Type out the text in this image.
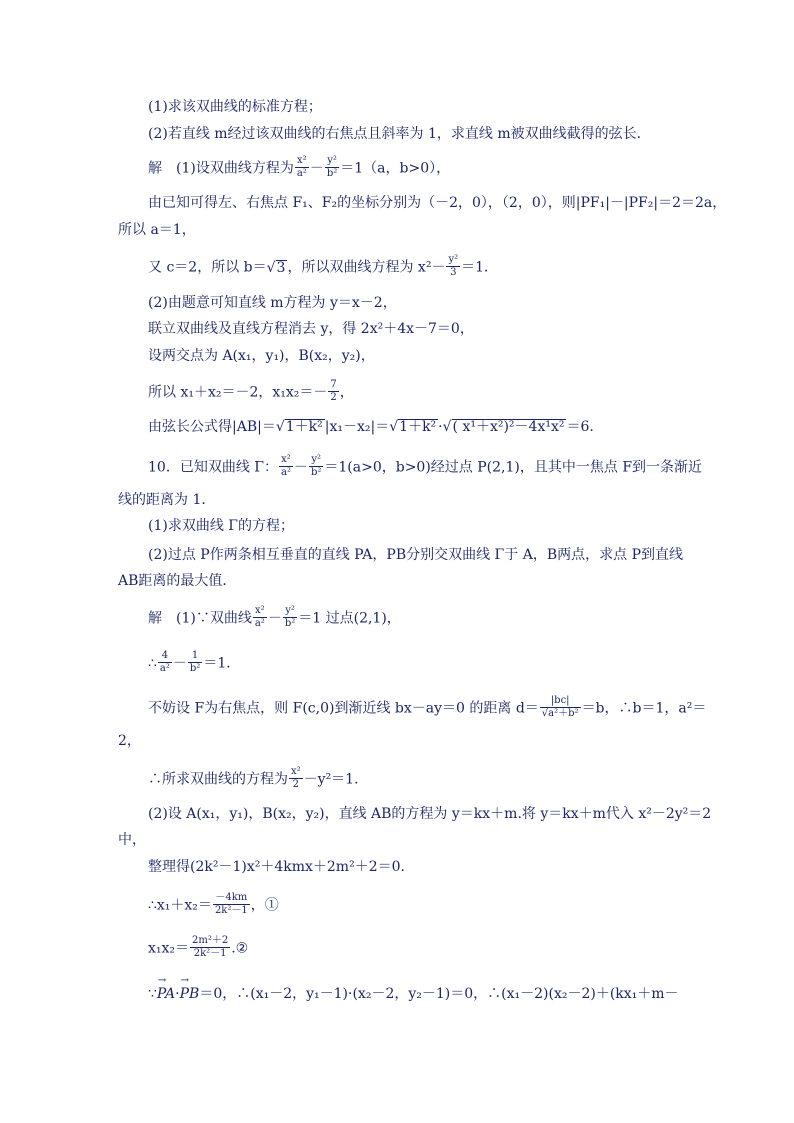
(1)求该双曲线的标准方程；
(2)若直线 m经过该双曲线的右焦点且斜率为 1，求直线 m被双曲线截得的弦长．
解　(1)设双曲线方程为 $\frac{\text{x²}}{\text{a²}} - \frac{\text{y²}}{\text{b²}} =1(a$，b>0），
由已知可得左、右焦点 F₁、F₂的坐标分别为（－2，0），（2，0），则|PF₁|－|PF₂|＝2＝2a，
所以 a＝1，
又 c＝2，所以 b＝√3 ，所以双曲线方程为 $x^2- \frac{\text{y²}}{3} =1$．
(2)由题意可知直线 m方程为 y＝x－2，
联立双曲线及直线方程消去 y，得 2x²＋4x－7＝0，
设两交点为 A(x₁，y₁)，B(x₂，y₂)，
所以 x₁＋x₂＝－2，$x_1x_2=- \frac{7}{2}$ ，
由弦长公式得|AB|＝√1＋k² |x₁－x₂|＝√1＋k² ·√( x¹＋x²)²－4x¹x² ＝6.
10．已知双曲线 Γ： $\frac{\text{x²}}{\text{a²}} - \frac{\text{y²}}{\text{b²}} =1(a>0$，b>0)经过点 P(2,1)，且其中一焦点 F到一条渐近
线的距离为 1．
(1)求双曲线 Γ的方程；
(2)过点 P作两条相互垂直的直线 PA，PB分别交双曲线 Γ于 A，B两点，求点 P到直线
AB距离的最大值．
解　(1)∵双曲线 $\frac{\text{x²}}{\text{a²}} - \frac{\text{y²}}{\text{b²}} =1$ 过点(2,1)，
∴ $\frac{4}{\text{a²}} - \frac{1}{\text{b²}} =1$．
不妨设 F为右焦点，则 F(c,0)到渐近线 bx－ay＝0 的距离 $d= \frac{|bc|}{\text{√a²＋b²}} =b$，∴b＝1，a²＝
2，
∴所求双曲线的方程为 $\frac{\text{x²}}{2} -y^2=1$．
(2)设 A(x₁，y₁)，B(x₂，y₂)，直线 AB的方程为 y＝kx＋m.将 y＝kx＋m代入 x²－2y²＝2
中，
整理得(2k²－1)x²＋4kmx＋2m²＋2＝0．
∴x₁＋x₂＝ $\frac{-4km}{\text{2k²－1}}$ ，①
$x_1x_2= \frac{\text{2m²＋2}}{\text{2k²－1}}$ .②
∵→ PA·→ PB＝0，∴(x₁－2，y₁－1)·(x₂－2，y₂－1)＝0，∴(x₁－2)(x₂－2)＋(kx₁＋m－
